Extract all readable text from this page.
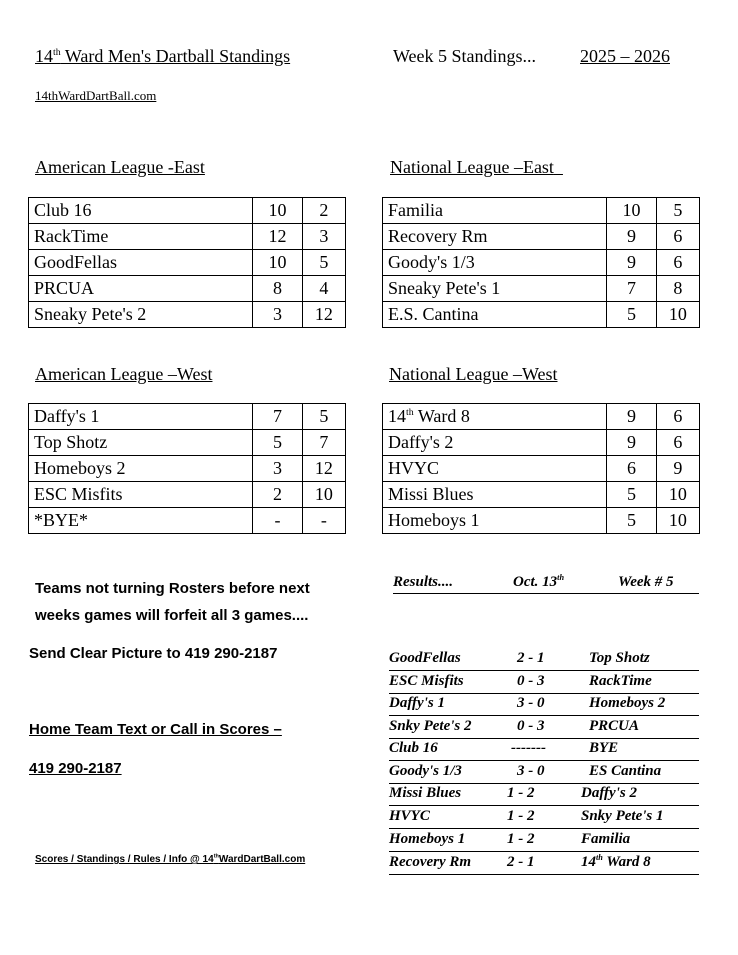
14th Ward Men's Dartball Standings	Week 5 Standings... 2025 – 2026
14thWardDartBall.com
American League -East	National League –East
American League –West	National League –West
Club 16	10	2
RackTime	12	3
GoodFellas	10	5
PRCUA	8	4
Sneaky Pete's 2	3	12
Familia	10	5
Recovery Rm	9	6
Goody's 1/3	9	6
Sneaky Pete's 1	7	8
E.S. Cantina	5	10
Daffy's 1	7	5
Top Shotz	5	7
Homeboys 2	3	12
ESC Misfits	2	10
*BYE*	-	-
14th Ward 8	9	6
Daffy's 2	9	6
HVYC	6	9
Missi Blues	5	10
Homeboys 1	5	10
Teams not turning Rosters before next
weeks games will forfeit all 3 games....
Send Clear Picture to 419 290-2187
Home Team Text or Call in Scores –
419 290-2187
Scores / Standings / Rules / Info @ 14thWardDartBall.com
Results....	Oct. 13th	Week # 5
GoodFellas	2 - 1	Top Shotz
ESC Misfits	0 - 3	RackTime
Daffy's 1	3 - 0	Homeboys 2
Snky Pete's 2	0 - 3	PRCUA
Club 16	-------	BYE
Goody's 1/3	3 - 0	ES Cantina
Missi Blues	1 - 2	Daffy's 2
HVYC	1 - 2	Snky Pete's 1
Homeboys 1	1 - 2	Familia
Recovery Rm 2 - 1	14th Ward 8
